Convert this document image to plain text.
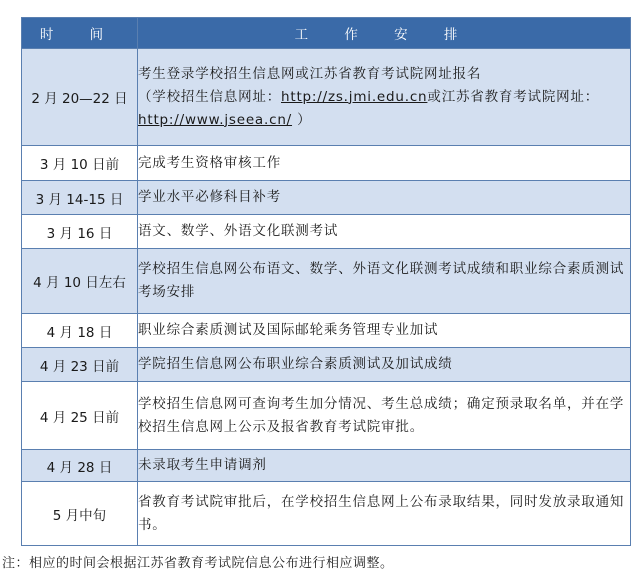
时 间	工 作 安 排
2 月 20—22 日	考生登录学校招生信息网或江苏省教育考试院网址报名
（学校招生信息网址：http://zs.jmi.edu.cn或江苏省教育考试院网址：http://www.jseea.cn/ ）

3 月 10 日前	完成考生资格审核工作
3 月 14-15 日	学业水平必修科目补考
3 月 16 日	语文、数学、外语文化联测考试
4 月 10 日左右	学校招生信息网公布语文、数学、外语文化联测考试成绩和职业综合素质测试考场安排
4 月 18 日	职业综合素质测试及国际邮轮乘务管理专业加试
4 月 23 日前	学院招生信息网公布职业综合素质测试及加试成绩
4 月 25 日前	学校招生信息网可查询考生加分情况、考生总成绩；确定预录取名单，并在学校招生信息网上公示及报省教育考试院审批。
4 月 28 日	未录取考生申请调剂
5 月中旬	省教育考试院审批后，在学校招生信息网上公布录取结果，同时发放录取通知书。
注：相应的时间会根据江苏省教育考试院信息公布进行相应调整。
